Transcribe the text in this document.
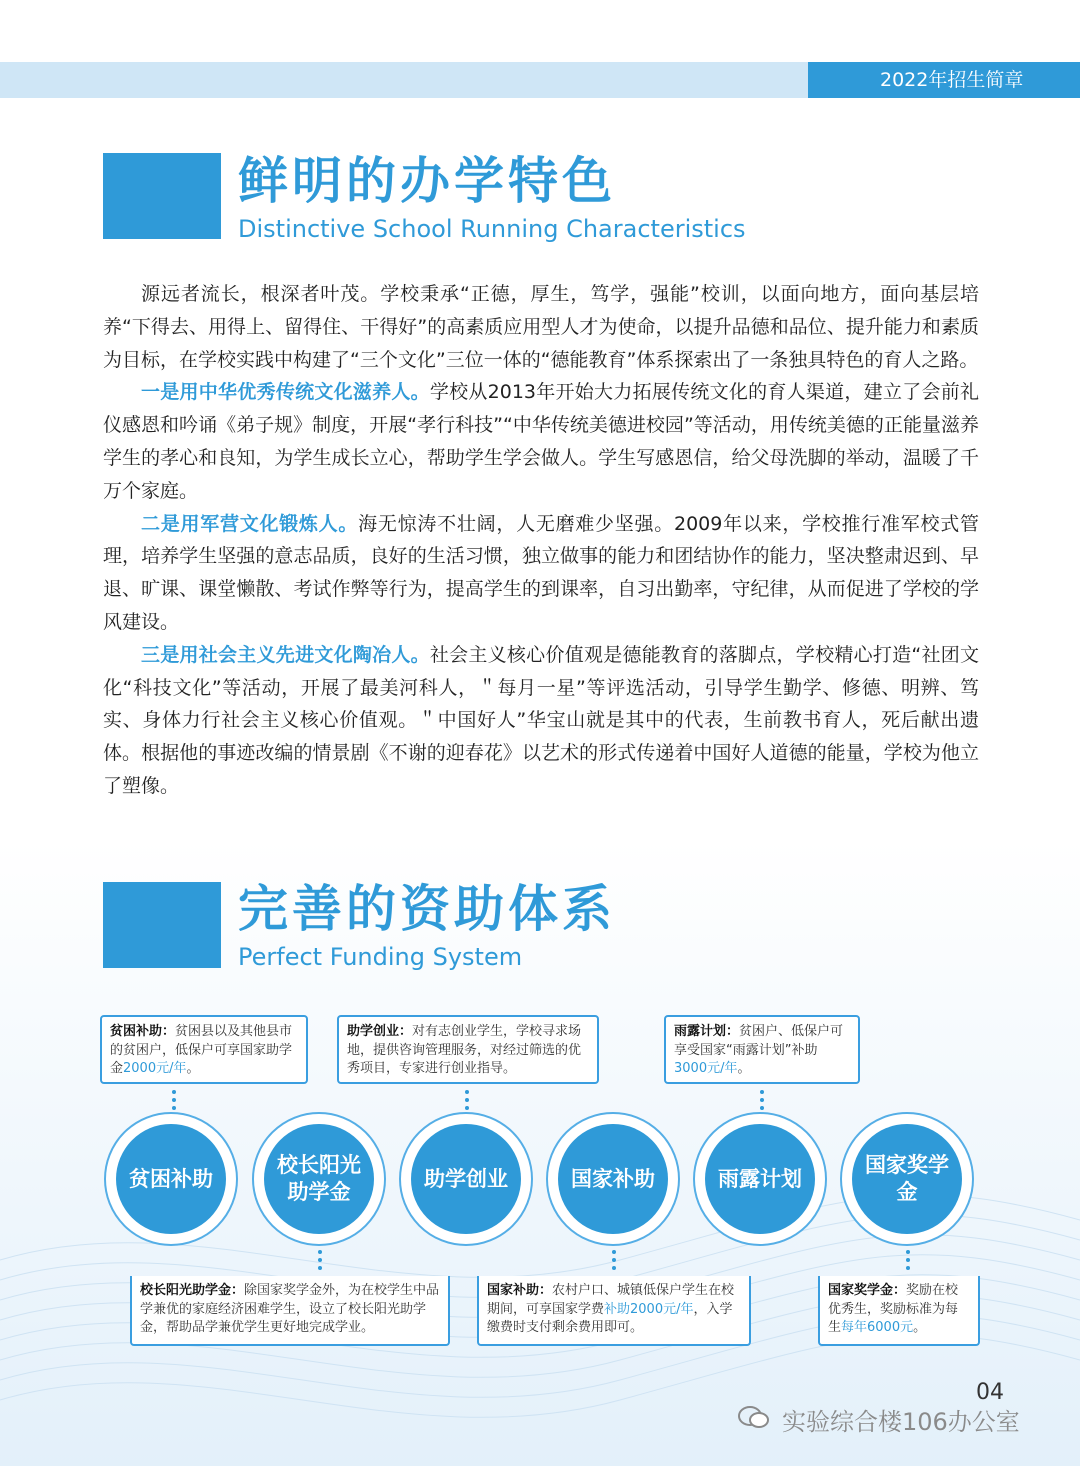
2022年招生简章
鲜明的办学特色
Distinctive School Running Characteristics

源远者流长，根深者叶茂。学校秉承“正德，厚生，笃学，强能”校训，以面向地方，面向基层培养“下得去、用得上、留得住、干得好”的高素质应用型人才为使命，以提升品德和品位、提升能力和素质为目标，在学校实践中构建了“三个文化”三位一体的“德能教育”体系探索出了一条独具特色的育人之路。

一是用中华优秀传统文化滋养人。学校从2013年开始大力拓展传统文化的育人渠道，建立了会前礼仪感恩和吟诵《弟子规》制度，开展“孝行科技”“中华传统美德进校园”等活动，用传统美德的正能量滋养学生的孝心和良知，为学生成长立心，帮助学生学会做人。学生写感恩信，给父母洗脚的举动，温暖了千万个家庭。

二是用军营文化锻炼人。海无惊涛不壮阔，人无磨难少坚强。2009年以来，学校推行准军校式管理，培养学生坚强的意志品质，良好的生活习惯，独立做事的能力和团结协作的能力，坚决整肃迟到、早退、旷课、课堂懒散、考试作弊等行为，提高学生的到课率，自习出勤率，守纪律，从而促进了学校的学风建设。

三是用社会主义先进文化陶冶人。社会主义核心价值观是德能教育的落脚点，学校精心打造“社团文化“科技文化”等活动，开展了最美河科人，＂每月一星”等评选活动，引导学生勤学、修德、明辨、笃实、身体力行社会主义核心价值观。＂中国好人”华宝山就是其中的代表，生前教书育人，死后献出遗体。根据他的事迹改编的情景剧《不谢的迎春花》以艺术的形式传递着中国好人道德的能量，学校为他立了塑像。

完善的资助体系
Perfect Funding System
贫困补助：贫困县以及其他县市的贫困户，低保户可享国家助学金2000元/年。
助学创业：对有志创业学生，学校寻求场地，提供咨询管理服务，对经过筛选的优秀项目，专家进行创业指导。
雨露计划：贫困户、低保户可享受国家“雨露计划”补助3000元/年。
贫困补助
校长阳光助学金
助学创业	国家补助	雨露计划
国家奖学金
校长阳光助学金：除国家奖学金外，为在校学生中品学兼优的家庭经济困难学生，设立了校长阳光助学金，帮助品学兼优学生更好地完成学业。
国家补助：农村户口、城镇低保户学生在校期间，可享国家学费补助2000元/年，入学缴费时支付剩余费用即可。
国家奖学金：奖励在校优秀生，奖励标准为每生每年6000元。
04
实验综合楼106办公室
